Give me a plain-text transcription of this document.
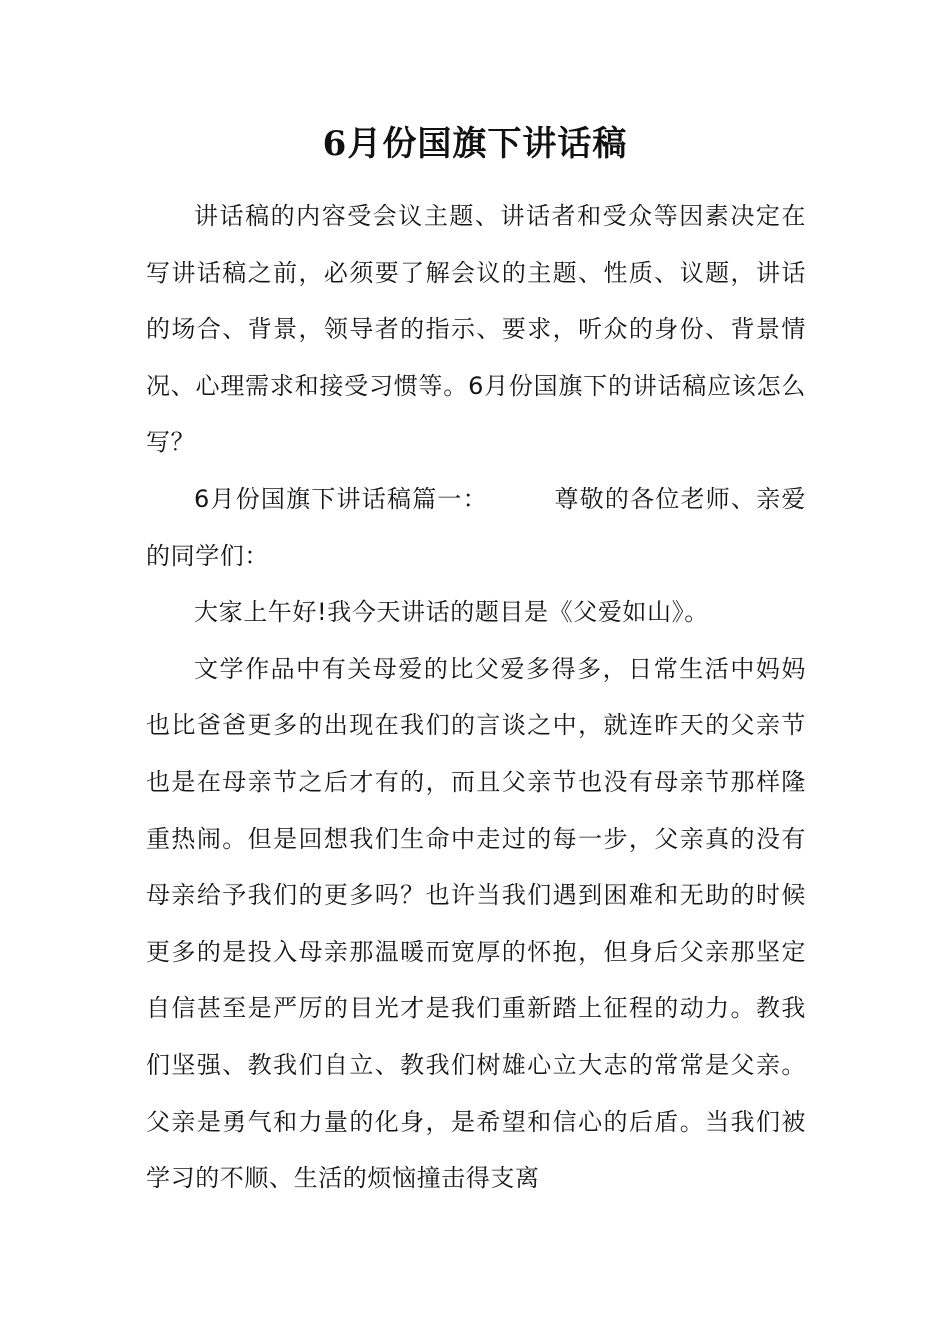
6月份国旗下讲话稿

讲话稿的内容受会议主题、讲话者和受众等因素决定在写讲话稿之前，必须要了解会议的主题、性质、议题，讲话的场合、背景，领导者的指示、要求，听众的身份、背景情况、心理需求和接受习惯等。6月份国旗下的讲话稿应该怎么写？

6月份国旗下讲话稿篇一：	尊敬的各位老师、亲爱的同学们：

大家上午好!我今天讲话的题目是《父爱如山》。

文学作品中有关母爱的比父爱多得多，日常生活中妈妈也比爸爸更多的出现在我们的言谈之中，就连昨天的父亲节也是在母亲节之后才有的，而且父亲节也没有母亲节那样隆重热闹。但是回想我们生命中走过的每一步，父亲真的没有母亲给予我们的更多吗？也许当我们遇到困难和无助的时候更多的是投入母亲那温暖而宽厚的怀抱，但身后父亲那坚定自信甚至是严厉的目光才是我们重新踏上征程的动力。教我们坚强、教我们自立、教我们树雄心立大志的常常是父亲。父亲是勇气和力量的化身，是希望和信心的后盾。当我们被学习的不顺、生活的烦恼撞击得支离
